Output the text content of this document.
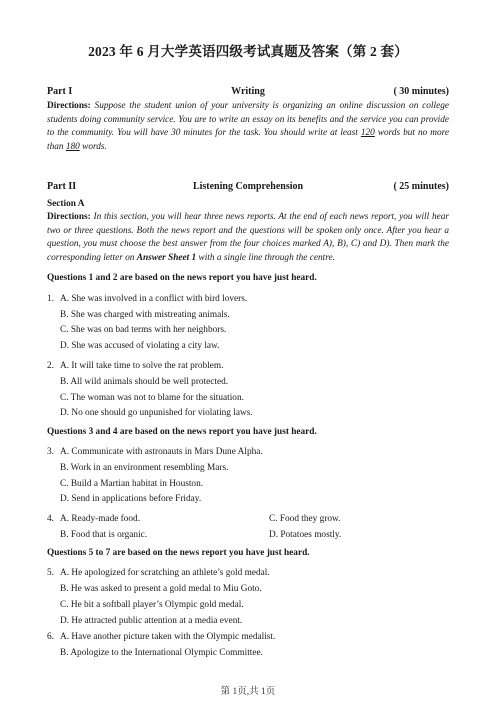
2023 年 6 月大学英语四级考试真题及答案（第 2 套）
Part I	Writing	( 30 minutes)
Directions: Suppose the student union of your university is organizing an online discussion on college students doing community service. You are to write an essay on its benefits and the service you can provide to the community. You will have 30 minutes for the task. You should write at least 120 words but no more than 180 words.
Part II	Listening Comprehension	( 25 minutes)
Section A
Directions: In this section, you will hear three news reports. At the end of each news report, you will hear two or three questions. Both the news report and the questions will be spoken only once. After you hear a question, you must choose the best answer from the four choices marked A), B), C) and D). Then mark the corresponding letter on Answer Sheet 1 with a single line through the centre.
Questions 1 and 2 are based on the news report you have just heard.
1. A. She was involved in a conflict with bird lovers.
B. She was charged with mistreating animals.
C. She was on bad terms with her neighbors.
D. She was accused of violating a city law.
2. A. It will take time to solve the rat problem.
B. All wild animals should be well protected.
C. The woman was not to blame for the situation.
D. No one should go unpunished for violating laws.
Questions 3 and 4 are based on the news report you have just heard.
3. A. Communicate with astronauts in Mars Dune Alpha.
B. Work in an environment resembling Mars.
C. Build a Martian habitat in Houston.
D. Send in applications before Friday.
4. A. Ready-made food.	C. Food they grow.
B. Food that is organic.	D. Potatoes mostly.
Questions 5 to 7 are based on the news report you have just heard.
5. A. He apologized for scratching an athlete’s gold medal.
B. He was asked to present a gold medal to Miu Goto.
C. He bit a softball player’s Olympic gold medal.
D. He attracted public attention at a media event.
6. A. Have another picture taken with the Olympic medalist.
B. Apologize to the International Olympic Committee.
第 1页,共 1页
